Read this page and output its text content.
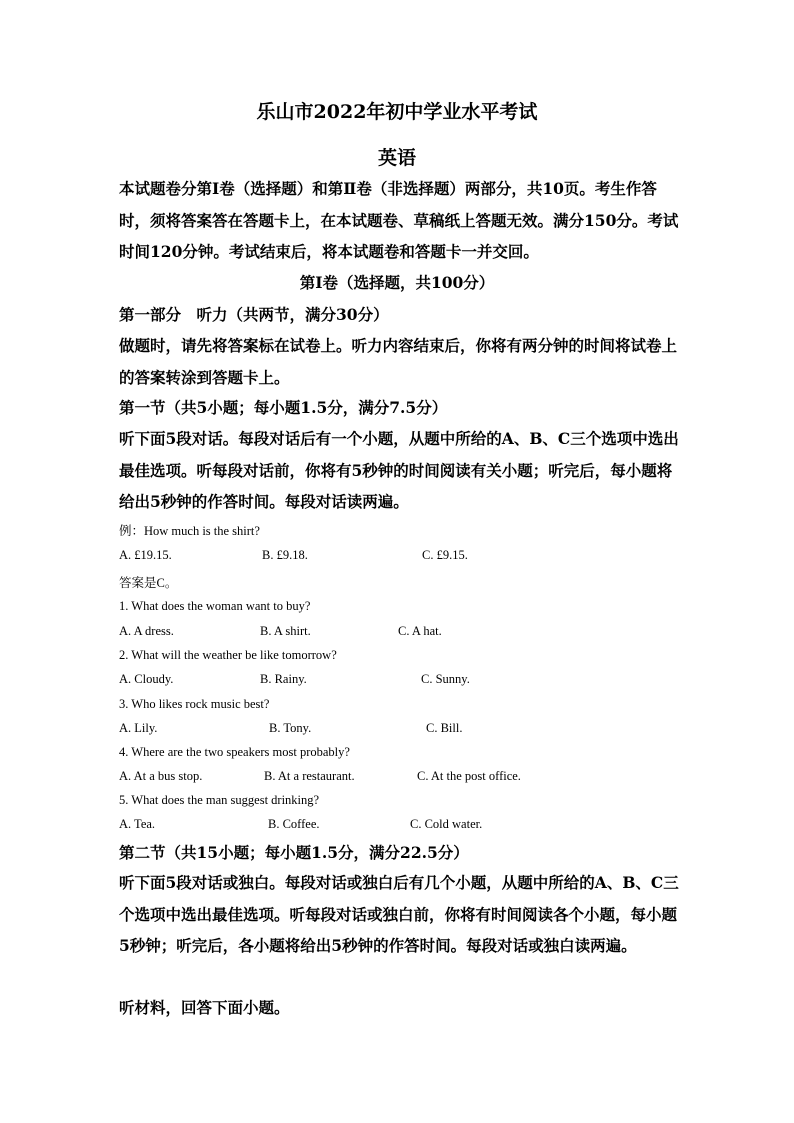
乐山市2022年初中学业水平考试
英语
本试题卷分第Ⅰ卷（选择题）和第Ⅱ卷（非选择题）两部分，共10页。考生作答时，须将答案答在答题卡上，在本试题卷、草稿纸上答题无效。满分150分。考试时间120分钟。考试结束后，将本试题卷和答题卡一并交回。
第Ⅰ卷（选择题，共100分）
第一部分　听力（共两节，满分30分）
做题时，请先将答案标在试卷上。听力内容结束后，你将有两分钟的时间将试卷上的答案转涂到答题卡上。
第一节（共5小题；每小题1.5分，满分7.5分）
听下面5段对话。每段对话后有一个小题，从题中所给的A、B、C三个选项中选出最佳选项。听每段对话前，你将有5秒钟的时间阅读有关小题；听完后，每小题将给出5秒钟的作答时间。每段对话读两遍。
例：How much is the shirt?
A. £19.15.	B. £9.18.	C. £9.15.
答案是C。
1. What does the woman want to buy?
A. A dress.	B. A shirt.	C. A hat.
2. What will the weather be like tomorrow?
A. Cloudy.	B. Rainy.	C. Sunny.
3. Who likes rock music best?
A. Lily.	B. Tony.	C. Bill.
4. Where are the two speakers most probably?
A. At a bus stop.	B. At a restaurant.	C. At the post office.
5. What does the man suggest drinking?
A. Tea.	B. Coffee.	C. Cold water.
第二节（共15小题；每小题1.5分，满分22.5分）
听下面5段对话或独白。每段对话或独白后有几个小题，从题中所给的A、B、C三个选项中选出最佳选项。听每段对话或独白前，你将有时间阅读各个小题，每小题5秒钟；听完后，各小题将给出5秒钟的作答时间。每段对话或独白读两遍。
听材料，回答下面小题。
